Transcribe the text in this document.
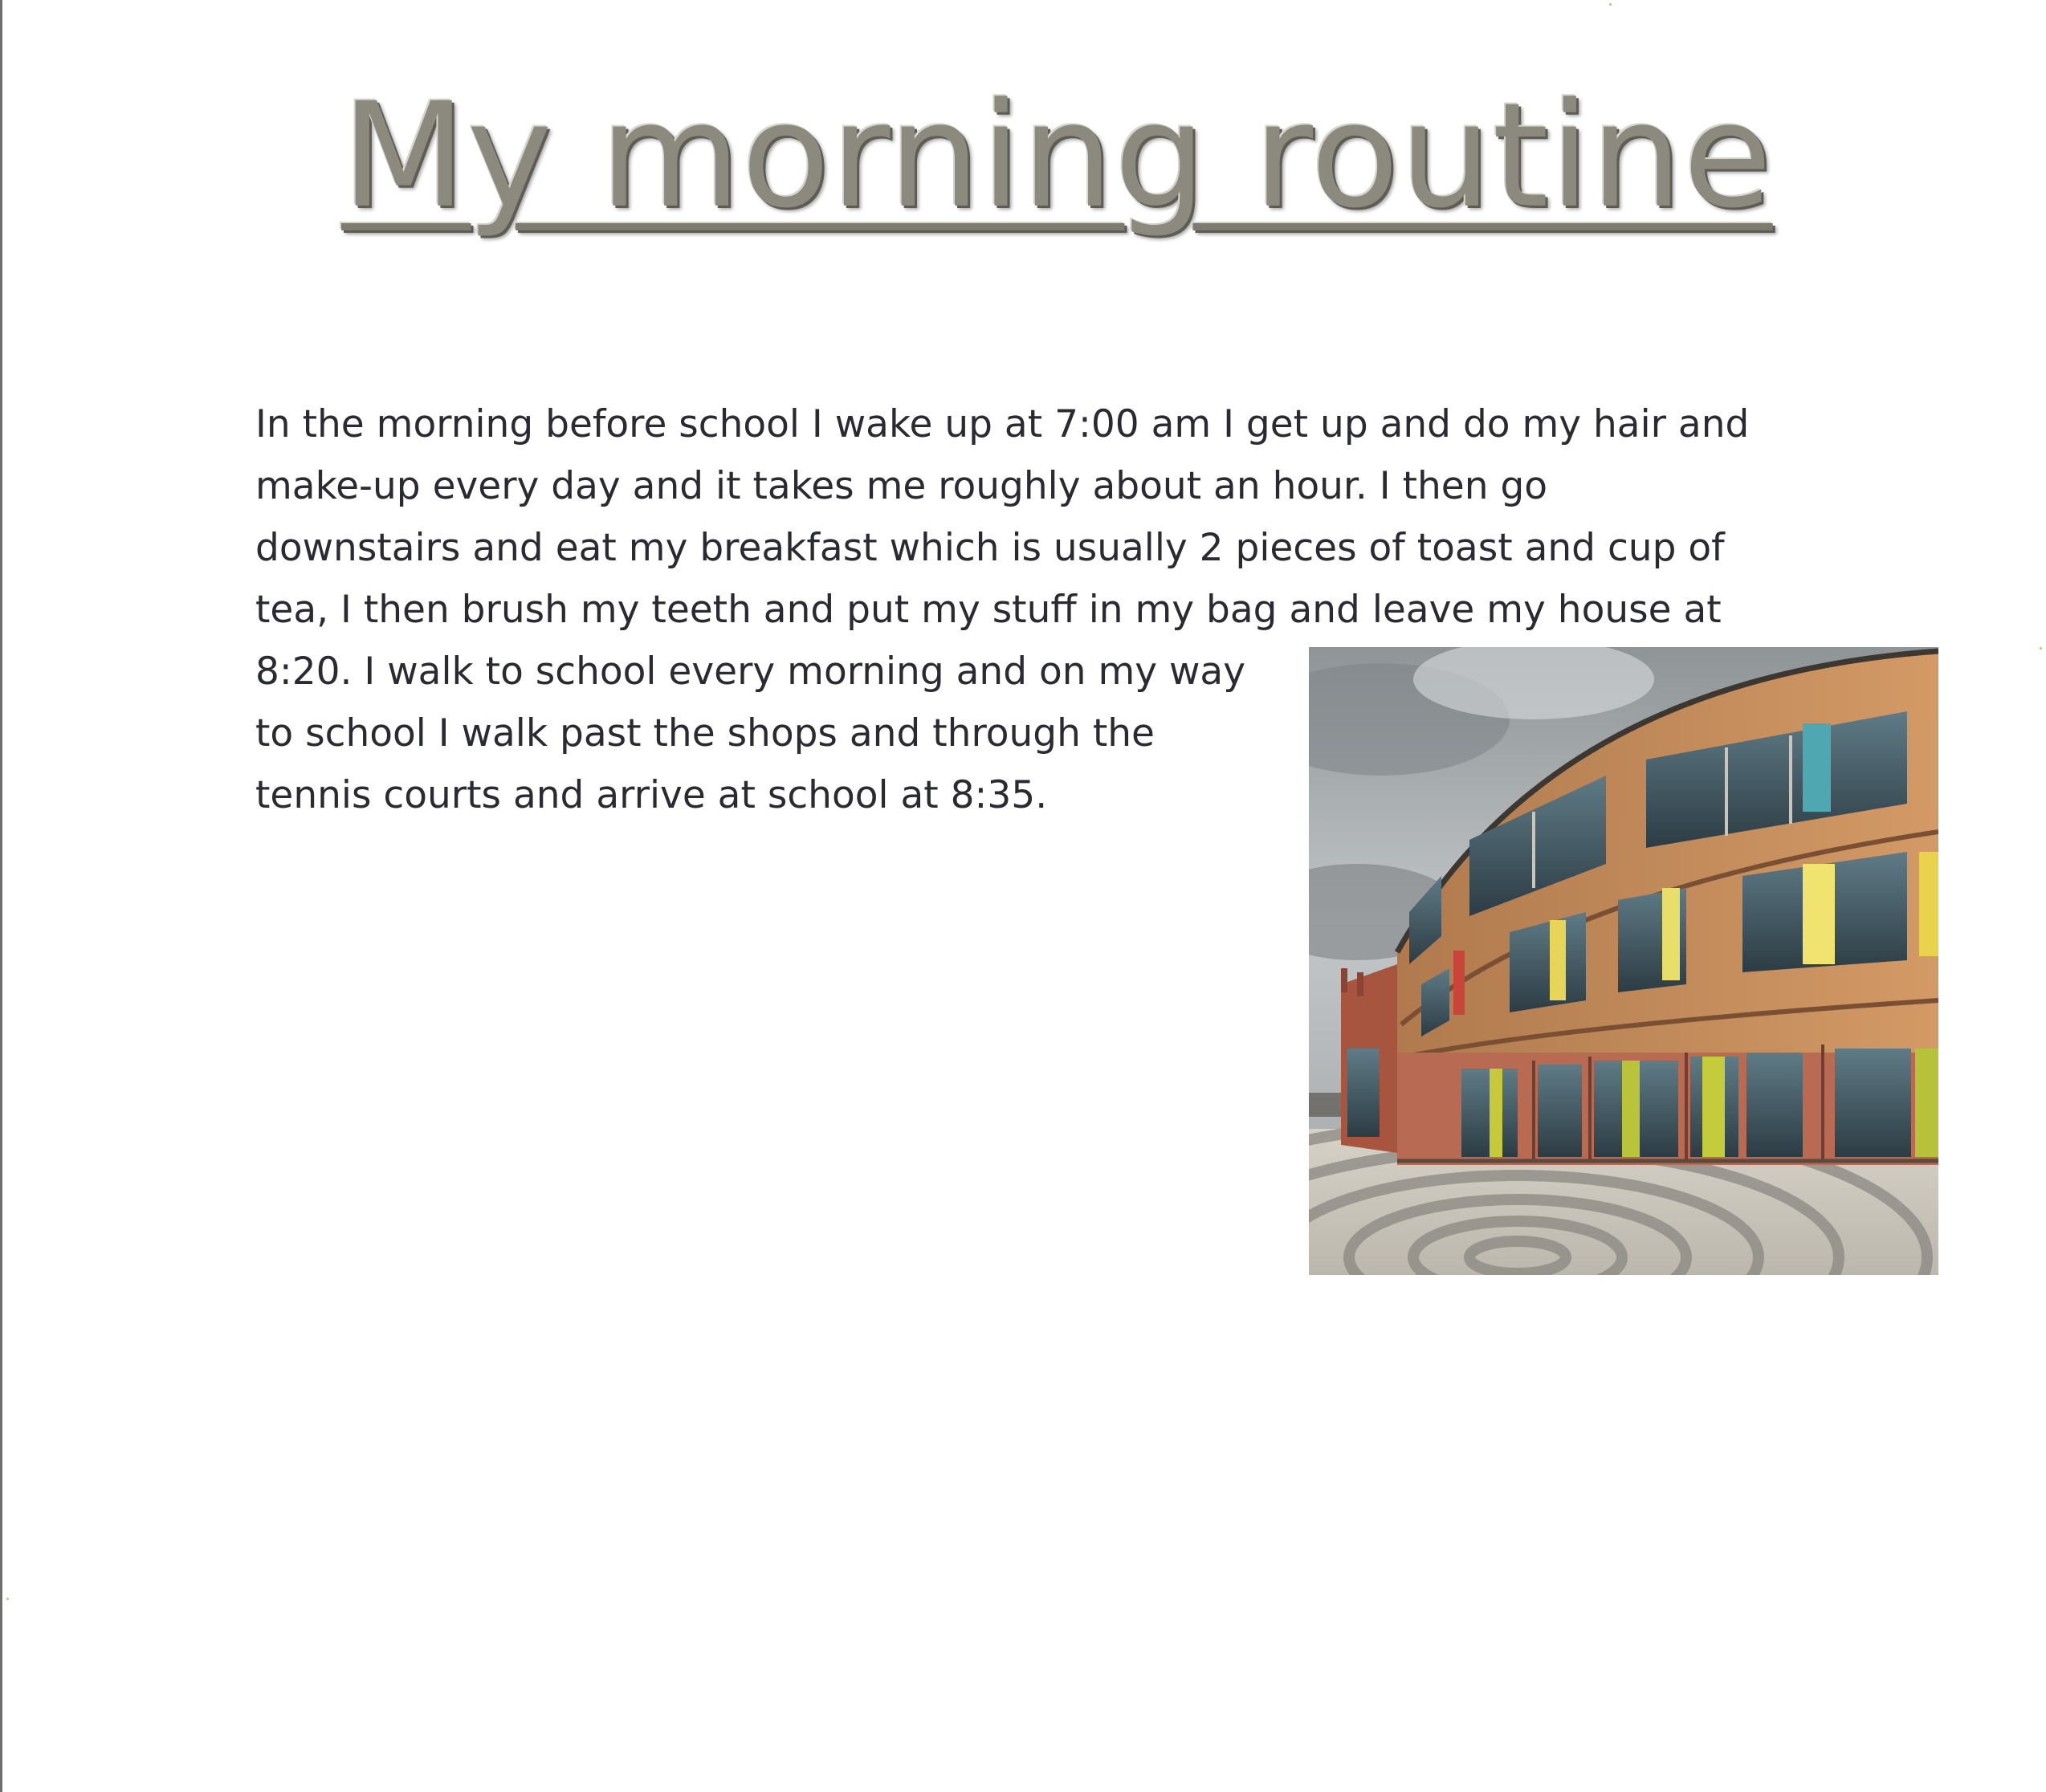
My morning routine
In the morning before school I wake up at 7:00 am I get up and do my hair and
make-up every day and it takes me roughly about an hour. I then go
downstairs and eat my breakfast which is usually 2 pieces of toast and cup of
tea, I then brush my teeth and put my stuff in my bag and leave my house at
8:20. I walk to school every morning and on my way
to school I walk past the shops and through the
tennis courts and arrive at school at 8:35.
